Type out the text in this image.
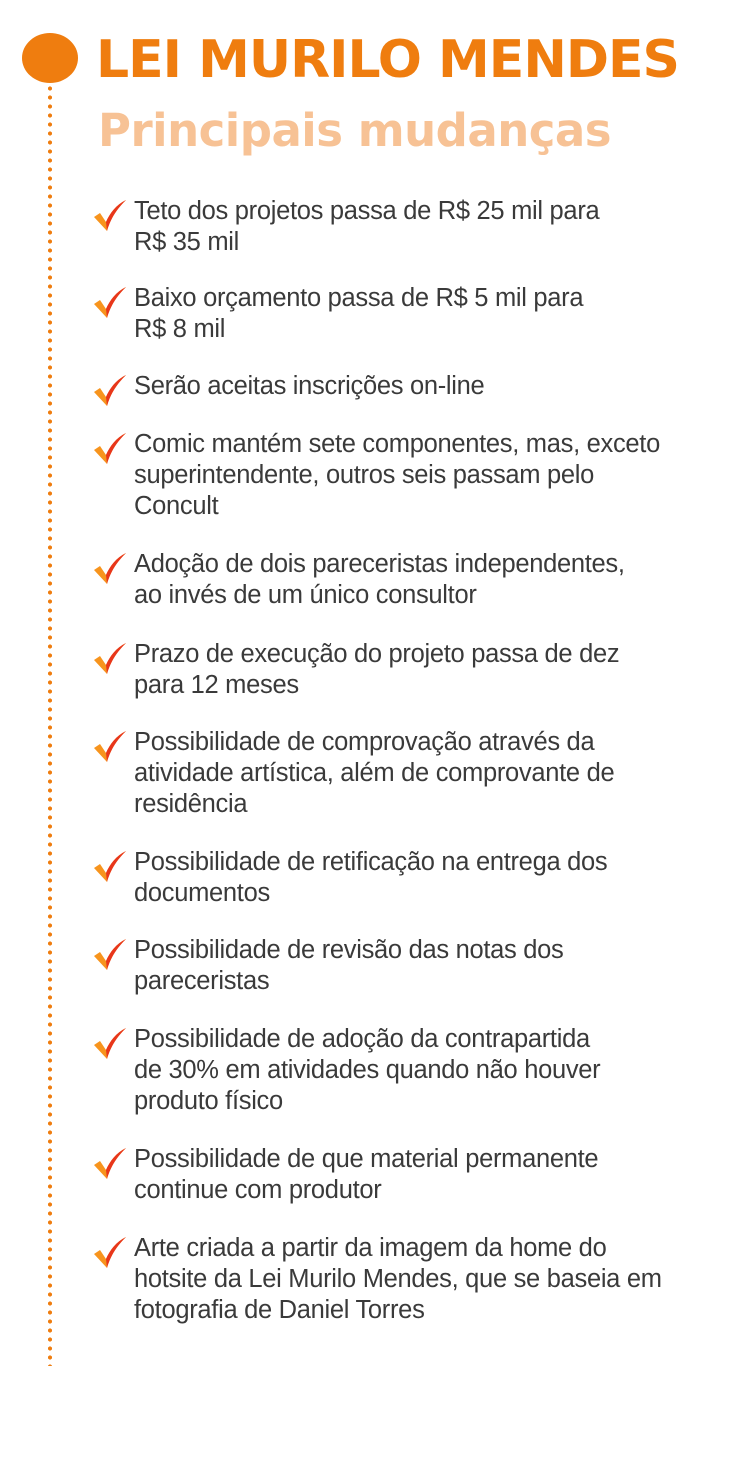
LEI MURILO MENDES
Principais mudanças

Teto dos projetos passa de R$ 25 mil para
R$ 35 mil

Baixo orçamento passa de R$ 5 mil para
R$ 8 mil

Serão aceitas inscrições on-line

Comic mantém sete componentes, mas, exceto
superintendente, outros seis passam pelo
Concult

Adoção de dois pareceristas independentes,
ao invés de um único consultor

Prazo de execução do projeto passa de dez
para 12 meses

Possibilidade de comprovação através da
atividade artística, além de comprovante de
residência

Possibilidade de retificação na entrega dos
documentos

Possibilidade de revisão das notas dos
pareceristas

Possibilidade de adoção da contrapartida
de 30% em atividades quando não houver
produto físico

Possibilidade de que material permanente
continue com produtor

Arte criada a partir da imagem da home do
hotsite da Lei Murilo Mendes, que se baseia em
fotografia de Daniel Torres
